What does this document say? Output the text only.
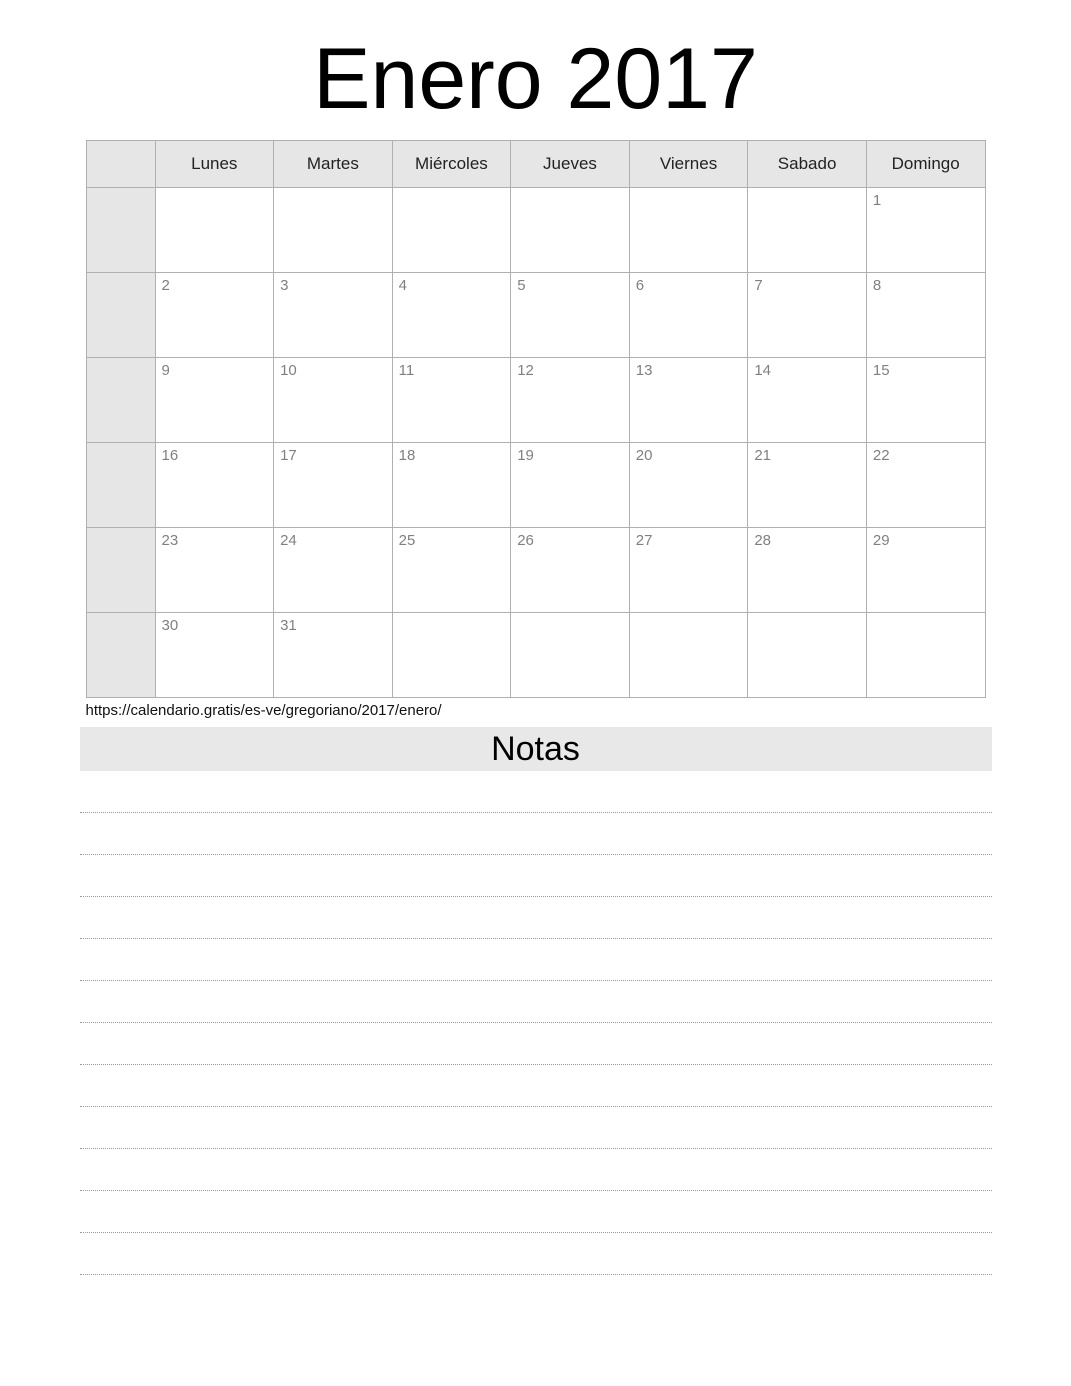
Enero 2017
	Lunes	Martes	Miércoles	Jueves	Viernes	Sabado	Domingo

							1

	2	3	4	5	6	7	8

	9	10	11	12	13	14	15

	16	17	18	19	20	21	22

	23	24	25	26	27	28	29

	30	31					

https://calendario.gratis/es-ve/gregoriano/2017/enero/
Notas
